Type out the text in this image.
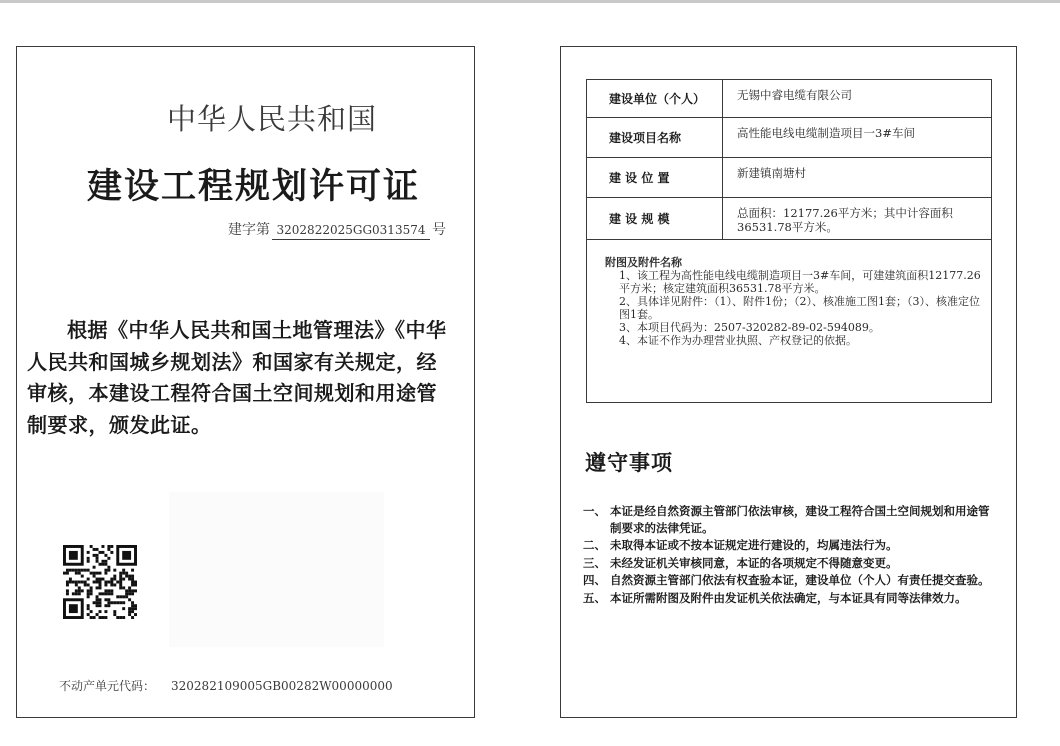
中华人民共和国
建设工程规划许可证
建字第 3202822025GG0313574 号
根据《中华人民共和国土地管理法》《中华人民共和国城乡规划法》和国家有关规定，经审核，本建设工程符合国土空间规划和用途管制要求，颁发此证。
不动产单元代码： 320282109005GB00282W00000000
建设单位（个人）	无锡中睿电缆有限公司
建设项目名称	高性能电线电缆制造项目一3#车间
建 设 位 置	新建镇南塘村
建 设 规 模	总面积：12177.26平方米；其中计容面积36531.78平方米。
附图及附件名称
1、该工程为高性能电线电缆制造项目一3#车间，可建建筑面积12177.26平方米；核定建筑面积36531.78平方米。
2、具体详见附件：（1）、附件1份；（2）、核准施工图1套；（3）、核准定位图1套。
3、本项目代码为：2507-320282-89-02-594089。
4、本证不作为办理营业执照、产权登记的依据。
遵守事项
一、 本证是经自然资源主管部门依法审核，建设工程符合国土空间规划和用途管制要求的法律凭证。
二、 未取得本证或不按本证规定进行建设的，均属违法行为。
三、 未经发证机关审核同意，本证的各项规定不得随意变更。
四、 自然资源主管部门依法有权查验本证，建设单位（个人）有责任提交查验。
五、 本证所需附图及附件由发证机关依法确定，与本证具有同等法律效力。
